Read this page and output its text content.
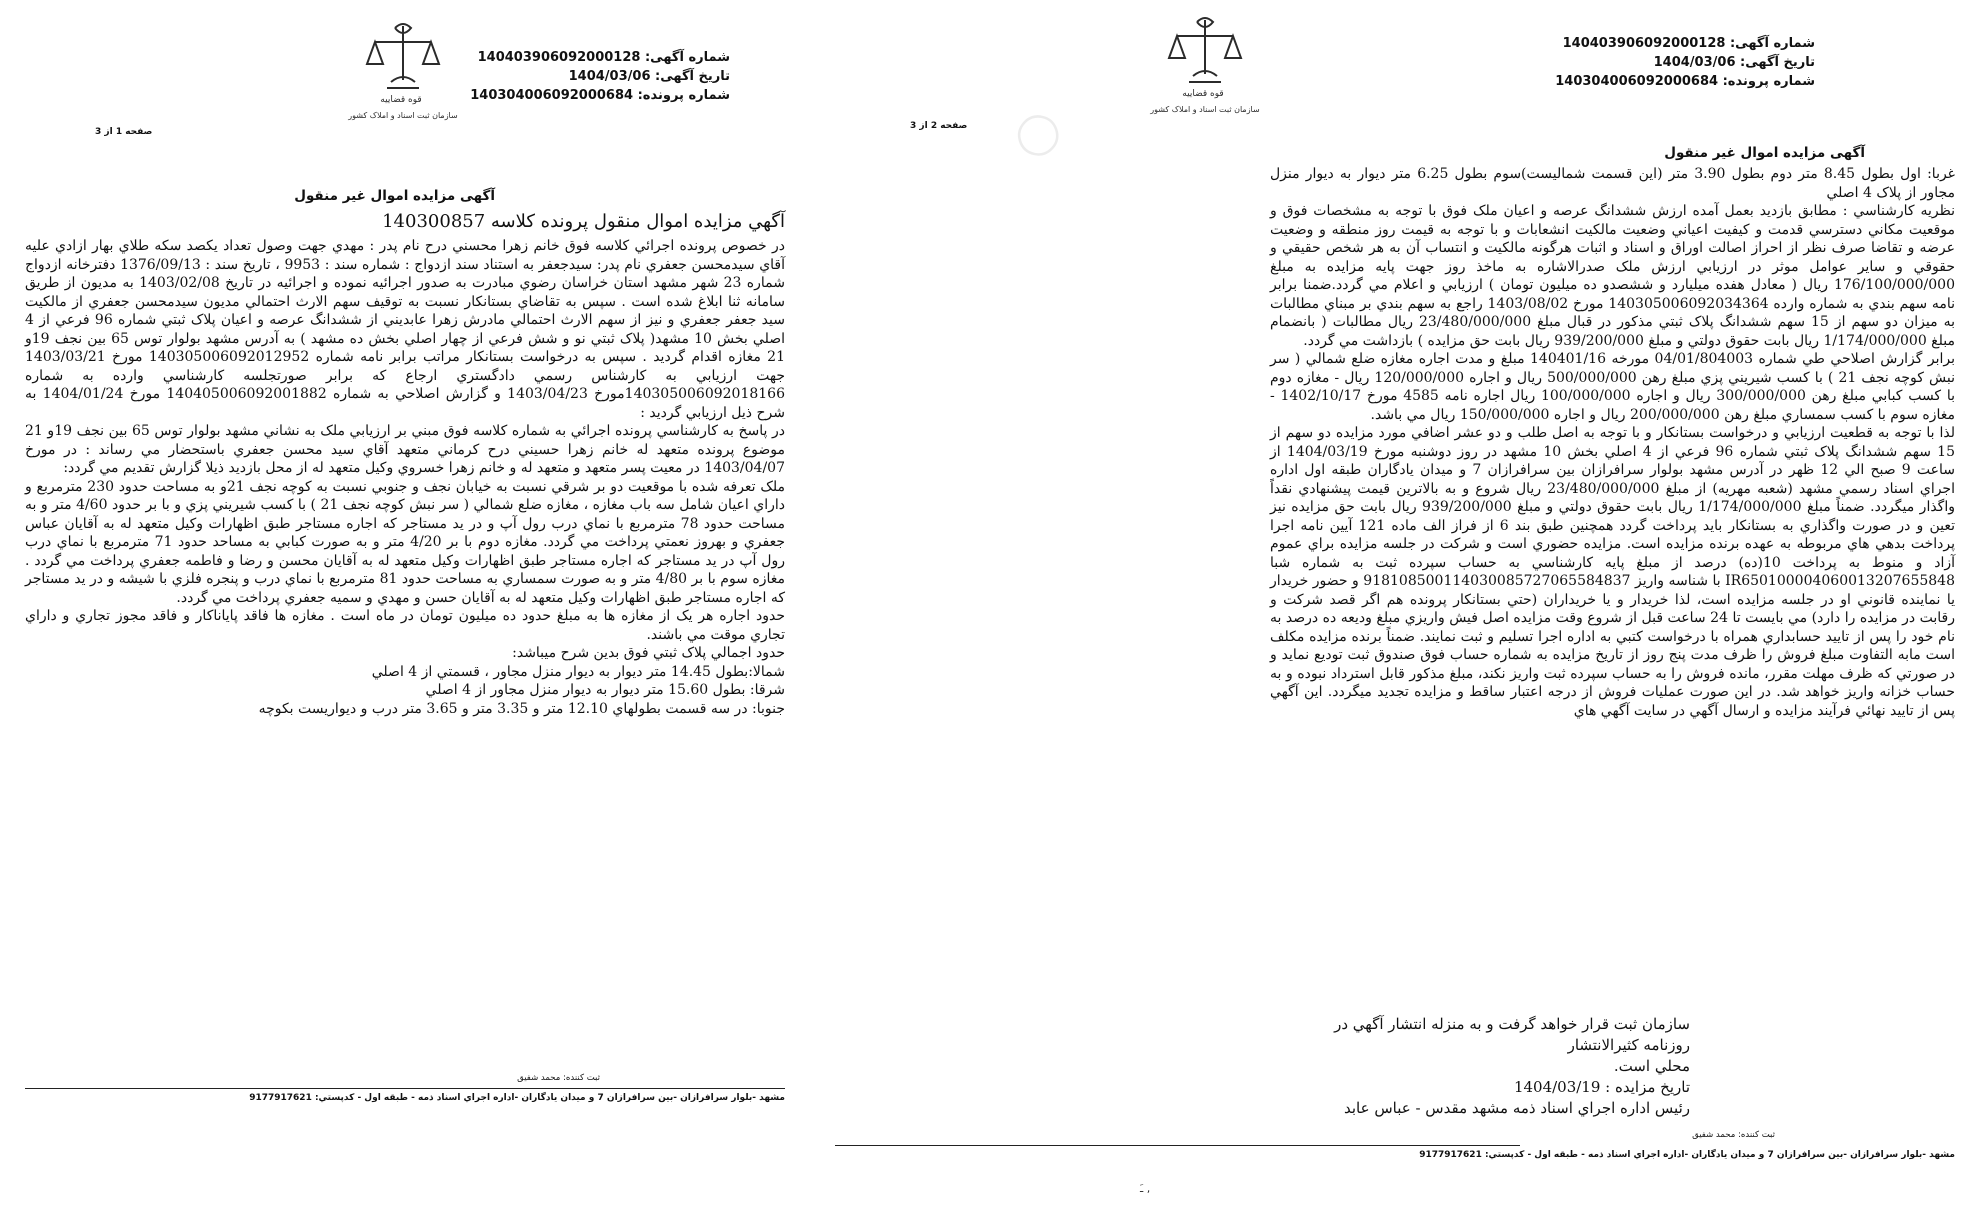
شماره آگهی: 140403906092000128
تاریخ آگهی: 1404/03/06
شماره پرونده: 140304006092000684
قوه قضاییه
سازمان ثبت اسناد و املاک کشور
صفحه 2 از 3 ◯	آگهی مزایده اموال غیر منقول

غربا: اول بطول 8.45 متر دوم بطول 3.90 متر (اين قسمت شماليست)سوم بطول 6.25 متر ديوار به ديوار منزل مجاور از پلاک 4 اصلي

نظريه كارشناسي : مطابق بازديد بعمل آمده ارزش ششدانگ عرصه و اعيان ملک فوق با توجه به مشخصات فوق و موقعيت مكاني دسترسي قدمت و كيفيت اعياني وضعيت مالكيت انشعابات و با توجه به قيمت روز منطقه و وضعيت عرضه و تقاضا صرف نظر از احراز اصالت اوراق و اسناد و اثبات هرگونه مالكيت و انتساب آن به هر شخص حقيقي و حقوقي و ساير عوامل موثر در ارزيابي ارزش ملک صدرالاشاره به ماخذ روز جهت پايه مزايده به مبلغ 176/100/000/000 ريال ( معادل هفده ميليارد و ششصدو ده ميليون تومان ) ارزيابي و اعلام مي گردد.ضمنا برابر نامه سهم بندي به شماره وارده 140305006092034364 مورخ 1403/08/02 راجع به سهم بندي بر مبناي مطالبات به ميزان دو سهم از 15 سهم ششدانگ پلاک ثبتي مذكور در قبال مبلغ 23/480/000/000 ريال مطالبات ( بانضمام مبلغ 1/174/000/000 ريال بابت حقوق دولتي و مبلغ 939/200/000 ريال بابت حق مزايده ) بازداشت مي گردد.

برابر گزارش اصلاحي طي شماره 04/01/804003 مورخه 140401/16 مبلغ و مدت اجاره مغازه ضلع شمالي ( سر نبش كوچه نجف 21 ) با كسب شيريني پزي مبلغ رهن 500/000/000 ريال و اجاره 120/000/000 ريال - مغازه دوم با كسب كبابي مبلغ رهن 300/000/000 ريال و اجاره 100/000/000 ريال اجاره نامه 4585 مورخ 1402/10/17 - مغازه سوم با كسب سمساري مبلغ رهن 200/000/000 ريال و اجاره 150/000/000 ريال مي باشد.

لذا با توجه به قطعيت ارزيابي و درخواست بستانكار و با توجه به اصل طلب و دو عشر اضافي مورد مزايده دو سهم از 15 سهم ششدانگ پلاک ثبتي شماره 96 فرعي از 4 اصلي بخش 10 مشهد در روز دوشنبه مورخ 1404/03/19 از ساعت 9 صبح الي 12 ظهر در آدرس مشهد بولوار سرافرازان بين سرافرازان 7 و ميدان يادگاران طبقه اول اداره اجراي اسناد رسمي مشهد (شعبه مهريه) از مبلغ 23/480/000/000 ريال شروع و به بالاترين قيمت پيشنهادي نقداً واگذار ميگردد. ضمناً مبلغ 1/174/000/000 ريال بابت حقوق دولتي و مبلغ 939/200/000 ريال بابت حق مزايده نيز تعين و در صورت واگذاري به بستانكار بايد پرداخت گردد همچنين طبق بند 6 از فراز الف ماده 121 آيين نامه اجرا پرداخت بدهي هاي مربوطه به عهده برنده مزايده است. مزايده حضوري است و شركت در جلسه مزايده براي عموم آزاد و منوط به پرداخت 10(ده) درصد از مبلغ پايه كارشناسي به حساب سپرده ثبت به شماره شبا IR650100004060013207655848 با شناسه واريز 918108500114030085727065584837 و حضور خريدار يا نماينده قانوني او در جلسه مزايده است، لذا خريدار و يا خريداران (حتي بستانكار پرونده هم اگر قصد شركت و رقابت در مزايده را دارد) مي بايست تا 24 ساعت قبل از شروع وقت مزايده اصل فيش واريزي مبلغ وديعه ده درصد به نام خود را پس از تاييد حسابداري همراه با درخواست كتبي به اداره اجرا تسليم و ثبت نمايند. ضمناً برنده مزايده مكلف است مابه التفاوت مبلغ فروش را ظرف مدت پنج روز از تاريخ مزايده به شماره حساب فوق صندوق ثبت توديع نمايد و در صورتي كه ظرف مهلت مقرر، مانده فروش را به حساب سپرده ثبت واريز نكند، مبلغ مذكور قابل استرداد نبوده و به حساب خزانه واريز خواهد شد. در اين صورت عمليات فروش از درجه اعتبار ساقط و مزايده تجديد ميگردد. اين آگهي پس از تاييد نهائي فرآيند مزايده و ارسال آگهي در سايت آگهي هاي

سازمان ثبت قرار خواهد گرفت و به منزله انتشار آگهي در روزنامه كثيرالانتشار

محلي است.

تاريخ مزايده : 1404/03/19

رئيس اداره اجراي اسناد ذمه مشهد مقدس - عباس عابد

ثبت كننده: محمد شفيق
مشهد -بلوار سرافرازان -بين سرافرازان 7 و ميدان يادگاران -اداره اجراي اسناد ذمه - طبقه اول - كدپستي: 9177917621
ـَ ,
شماره آگهی: 140403906092000128
تاریخ آگهی: 1404/03/06
شماره پرونده: 140304006092000684
قوه قضاییه
سازمان ثبت اسناد و املاک کشور
صفحه 1 از 3
آگهی مزایده اموال غیر منقول
آگهي مزايده اموال منقول پرونده كلاسه 140300857

در خصوص پرونده اجرائي كلاسه فوق خانم زهرا محسني درح نام پدر : مهدي جهت وصول تعداد يكصد سكه طلاي بهار ازادي عليه آقاي سيدمحسن جعفري نام پدر: سيدجعفر به استناد سند ازدواج : شماره سند : 9953 ، تاريخ سند : 1376/09/13 دفترخانه ازدواج شماره 23 شهر مشهد استان خراسان رضوي مبادرت به صدور اجرائيه نموده و اجرائيه در تاريخ 1403/02/08 به مديون از طريق سامانه ثنا ابلاغ شده است . سپس به تقاضاي بستانكار نسبت به توقيف سهم الارث احتمالي مديون سيدمحسن جعفري از مالكيت سيد جعفر جعفري و نيز از سهم الارث احتمالي مادرش زهرا عابديني از ششدانگ عرصه و اعيان پلاک ثبتي شماره 96 فرعي از 4 اصلي بخش 10 مشهد( پلاک ثبتي نو و شش فرعي از چهار اصلي بخش ده مشهد ) به آدرس مشهد بولوار توس 65 بين نجف 19و 21 مغازه اقدام گرديد . سپس به درخواست بستانكار مراتب برابر نامه شماره 140305006092012952 مورخ 1403/03/21 جهت ارزيابي به كارشناس رسمي دادگستري ارجاع كه برابر صورتجلسه كارشناسي وارده به شماره 140305006092018166مورخ 1403/04/23 و گزارش اصلاحي به شماره 140405006092001882 مورخ 1404/01/24 به شرح ذيل ارزيابي گرديد :

در پاسخ به كارشناسي پرونده اجرائي به شماره كلاسه فوق مبني بر ارزيابي ملک به نشاني مشهد بولوار توس 65 بين نجف 19و 21 موضوع پرونده متعهد له خانم زهرا حسيني درح كرماني متعهد آقاي سيد محسن جعفري باستحضار مي رساند : در مورخ 1403/04/07 در معيت پسر متعهد و متعهد له و خانم زهرا خسروي وكيل متعهد له از محل بازديد ذيلا گزارش تقديم مي گردد:

ملک تعرفه شده با موقعيت دو بر شرقي نسبت به خيابان نجف و جنوبي نسبت به كوچه نجف 21و به مساحت حدود 230 مترمربع و داراي اعيان شامل سه باب مغازه ، مغازه ضلع شمالي ( سر نبش كوچه نجف 21 ) با كسب شيريني پزي و با بر حدود 4/60 متر و به مساحت حدود 78 مترمربع با نماي درب رول آپ و در يد مستاجر كه اجاره مستاجر طبق اظهارات وكيل متعهد له به آقايان عباس جعفري و بهروز نعمتي پرداخت مي گردد. مغازه دوم با بر 4/20 متر و به صورت كبابي به مساحد حدود 71 مترمربع با نماي درب رول آپ در يد مستاجر كه اجاره مستاجر طبق اظهارات وكيل متعهد له به آقايان محسن و رضا و فاطمه جعفري پرداخت مي گردد . مغازه سوم با بر 4/80 متر و به صورت سمساري به مساحت حدود 81 مترمربع با نماي درب و پنجره فلزي با شيشه و در يد مستاجر كه اجاره مستاجر طبق اظهارات وكيل متعهد له به آقايان حسن و مهدي و سميه جعفري پرداخت مي گردد.

حدود اجاره هر يک از مغازه ها به مبلغ حدود ده ميليون تومان در ماه است . مغازه ها فاقد پاياناكار و فاقد مجوز تجاري و داراي تجاري موقت مي باشند.

حدود اجمالي پلاک ثبتي فوق بدين شرح ميباشد:

شمالا:بطول 14.45 متر ديوار به ديوار منزل مجاور ، قسمتي از 4 اصلي

شرقا: بطول 15.60 متر ديوار به ديوار منزل مجاور از 4 اصلي

جنوبا: در سه قسمت بطولهاي 12.10 متر و 3.35 متر و 3.65 متر درب و ديواريست بكوچه

ثبت كننده: محمد شفيق
مشهد -بلوار سرافرازان -بين سرافرازان 7 و ميدان يادگاران -اداره اجراي اسناد ذمه - طبقه اول - كدپستي: 9177917621
